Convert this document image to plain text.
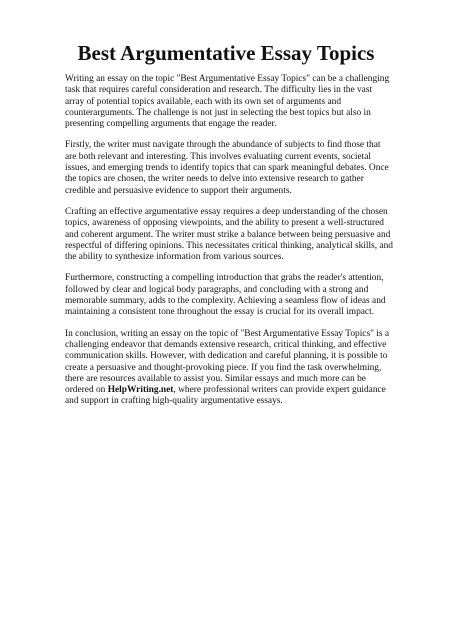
Best Argumentative Essay Topics

Writing an essay on the topic "Best Argumentative Essay Topics" can be a challenging task that requires careful consideration and research. The difficulty lies in the vast array of potential topics available, each with its own set of arguments and counterarguments. The challenge is not just in selecting the best topics but also in presenting compelling arguments that engage the reader.

Firstly, the writer must navigate through the abundance of subjects to find those that are both relevant and interesting. This involves evaluating current events, societal issues, and emerging trends to identify topics that can spark meaningful debates. Once the topics are chosen, the writer needs to delve into extensive research to gather credible and persuasive evidence to support their arguments.

Crafting an effective argumentative essay requires a deep understanding of the chosen topics, awareness of opposing viewpoints, and the ability to present a well-structured and coherent argument. The writer must strike a balance between being persuasive and respectful of differing opinions. This necessitates critical thinking, analytical skills, and the ability to synthesize information from various sources.

Furthermore, constructing a compelling introduction that grabs the reader's attention, followed by clear and logical body paragraphs, and concluding with a strong and memorable summary, adds to the complexity. Achieving a seamless flow of ideas and maintaining a consistent tone throughout the essay is crucial for its overall impact.

In conclusion, writing an essay on the topic of "Best Argumentative Essay Topics" is a challenging endeavor that demands extensive research, critical thinking, and effective communication skills. However, with dedication and careful planning, it is possible to create a persuasive and thought-provoking piece. If you find the task overwhelming, there are resources available to assist you. Similar essays and much more can be ordered on HelpWriting.net, where professional writers can provide expert guidance and support in crafting high-quality argumentative essays.
